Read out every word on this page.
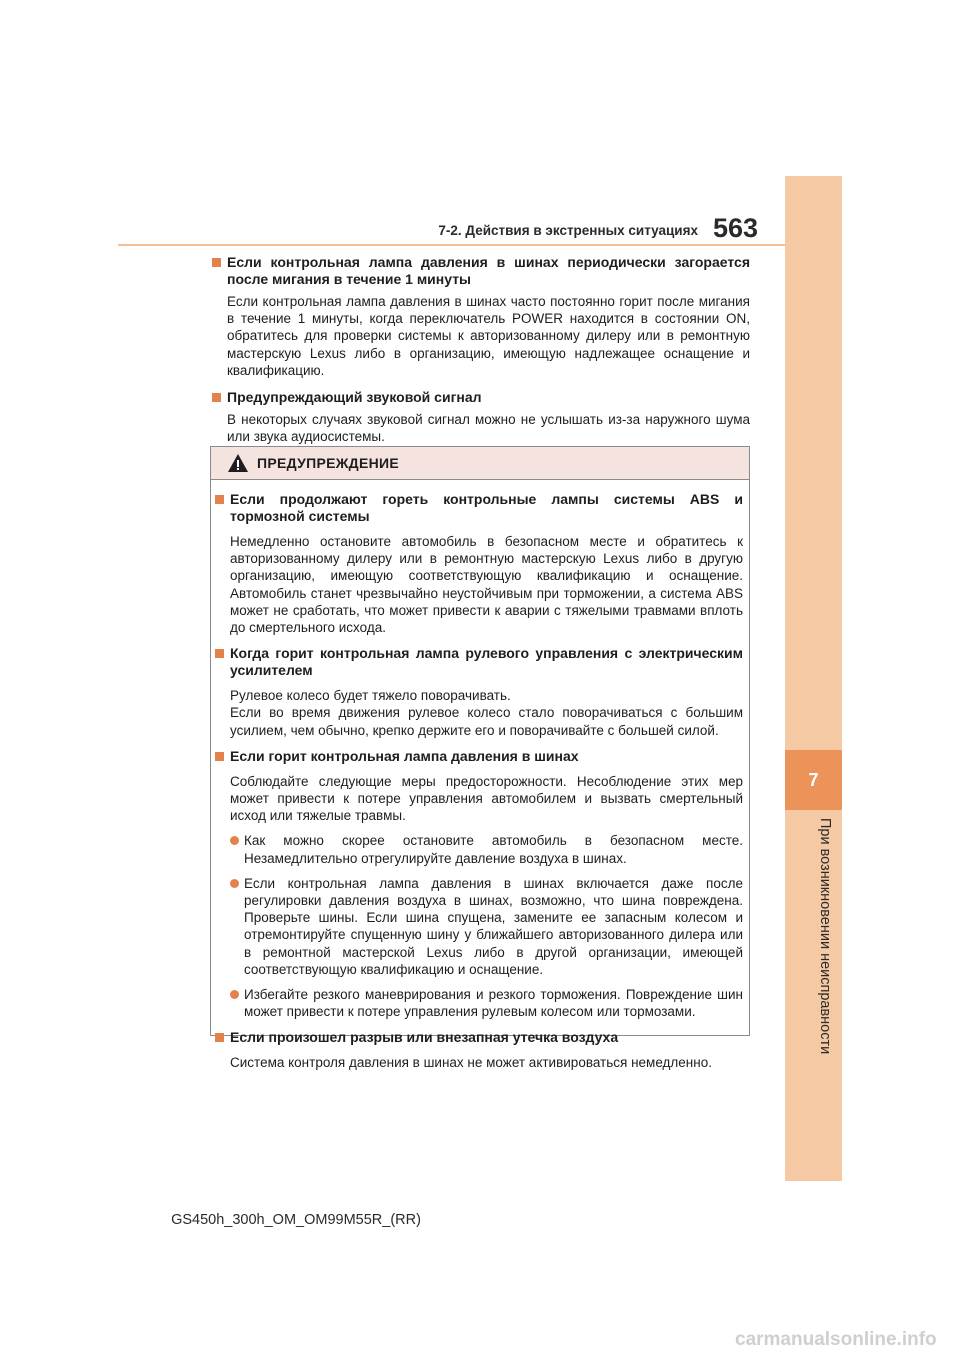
7
При возникновении неисправности
7-2. Действия в экстренных ситуациях 563

Если контрольная лампа давления в шинах периодически загорается после мигания в течение 1 минуты

Если контрольная лампа давления в шинах часто постоянно горит после мигания в течение 1 минуты, когда переключатель POWER находится в состоянии ON, обратитесь для проверки системы к авторизованному дилеру или в ремонтную мастерскую Lexus либо в организацию, имеющую надлежащее оснащение и квалификацию.

Предупреждающий звуковой сигнал

В некоторых случаях звуковой сигнал можно не услышать из-за наружного шума или звука аудиосистемы.

ПРЕДУПРЕЖДЕНИЕ

Если продолжают гореть контрольные лампы системы ABS и тормозной системы

Немедленно остановите автомобиль в безопасном месте и обратитесь к авторизованному дилеру или в ремонтную мастерскую Lexus либо в другую организацию, имеющую соответствующую квалификацию и оснащение. Автомобиль станет чрезвычайно неустойчивым при торможении, а система ABS может не сработать, что может привести к аварии с тяжелыми травмами вплоть до смертельного исхода.

Когда горит контрольная лампа рулевого управления с электрическим усилителем

Рулевое колесо будет тяжело поворачивать.

Если во время движения рулевое колесо стало поворачиваться с большим усилием, чем обычно, крепко держите его и поворачивайте с большей силой.

Если горит контрольная лампа давления в шинах

Соблюдайте следующие меры предосторожности. Несоблюдение этих мер может привести к потере управления автомобилем и вызвать смертельный исход или тяжелые травмы.

Как можно скорее остановите автомобиль в безопасном месте. Незамедлительно отрегулируйте давление воздуха в шинах.

Если контрольная лампа давления в шинах включается даже после регулировки давления воздуха в шинах, возможно, что шина повреждена. Проверьте шины. Если шина спущена, замените ее запасным колесом и отремонтируйте спущенную шину у ближайшего авторизованного дилера или в ремонтной мастерской Lexus либо в другой организации, имеющей соответствующую квалификацию и оснащение.

Избегайте резкого маневрирования и резкого торможения. Повреждение шин может привести к потере управления рулевым колесом или тормозами.

Если произошел разрыв или внезапная утечка воздуха

Система контроля давления в шинах не может активироваться немедленно.

GS450h_300h_OM_OM99M55R_(RR)
carmanualsonline.info
